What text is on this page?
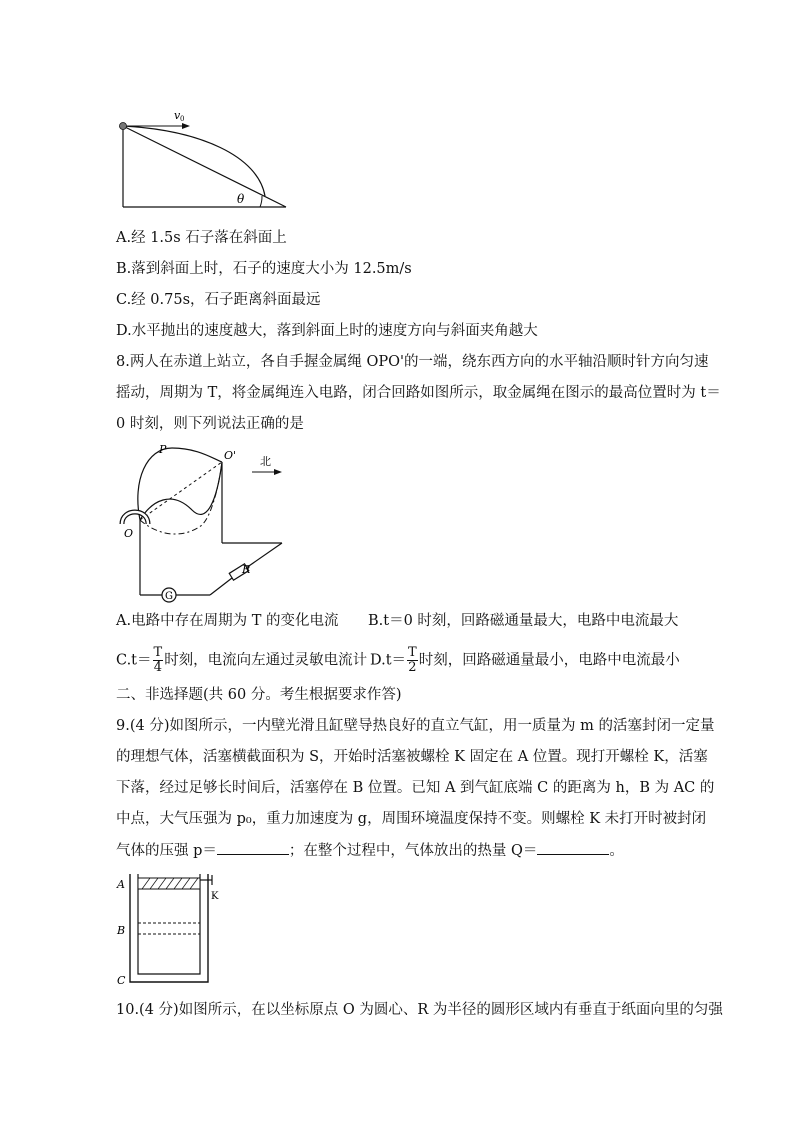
v 0
θ
A.经 1.5s 石子落在斜面上
B.落到斜面上时，石子的速度大小为 12.5m/s
C.经 0.75s，石子距离斜面最远
D.水平抛出的速度越大，落到斜面上时的速度方向与斜面夹角越大
8.两人在赤道上站立，各自手握金属绳 OPO'的一端，绕东西方向的水平轴沿顺时针方向匀速
摇动，周期为 T，将金属绳连入电路，闭合回路如图所示，取金属绳在图示的最高位置时为 t＝
0 时刻，则下列说法正确的是
G
P	O'
O
R
北
A.电路中存在周期为 T 的变化电流 B.t＝0 时刻，回路磁通量最大，电路中电流最大
$C.t= \frac{T}{4}$ 时刻，电流向左通过灵敏电流计 $D.t= \frac{T}{2}$ 时刻，回路磁通量最小，电路中电流最小
二、非选择题(共 60 分。考生根据要求作答)
9.(4 分)如图所示，一内壁光滑且缸壁导热良好的直立气缸，用一质量为 m 的活塞封闭一定量
的理想气体，活塞横截面积为 S，开始时活塞被螺栓 K 固定在 A 位置。现打开螺栓 K，活塞
下落，经过足够长时间后，活塞停在 B 位置。已知 A 到气缸底端 C 的距离为 h，B 为 AC 的
中点，大气压强为 p₀，重力加速度为 g，周围环境温度保持不变。则螺栓 K 未打开时被封闭
气体的压强 p＝	；在整个过程中，气体放出的热量 Q＝	。
A
B
C
K
10.(4 分)如图所示，在以坐标原点 O 为圆心、R 为半径的圆形区域内有垂直于纸面向里的匀强
